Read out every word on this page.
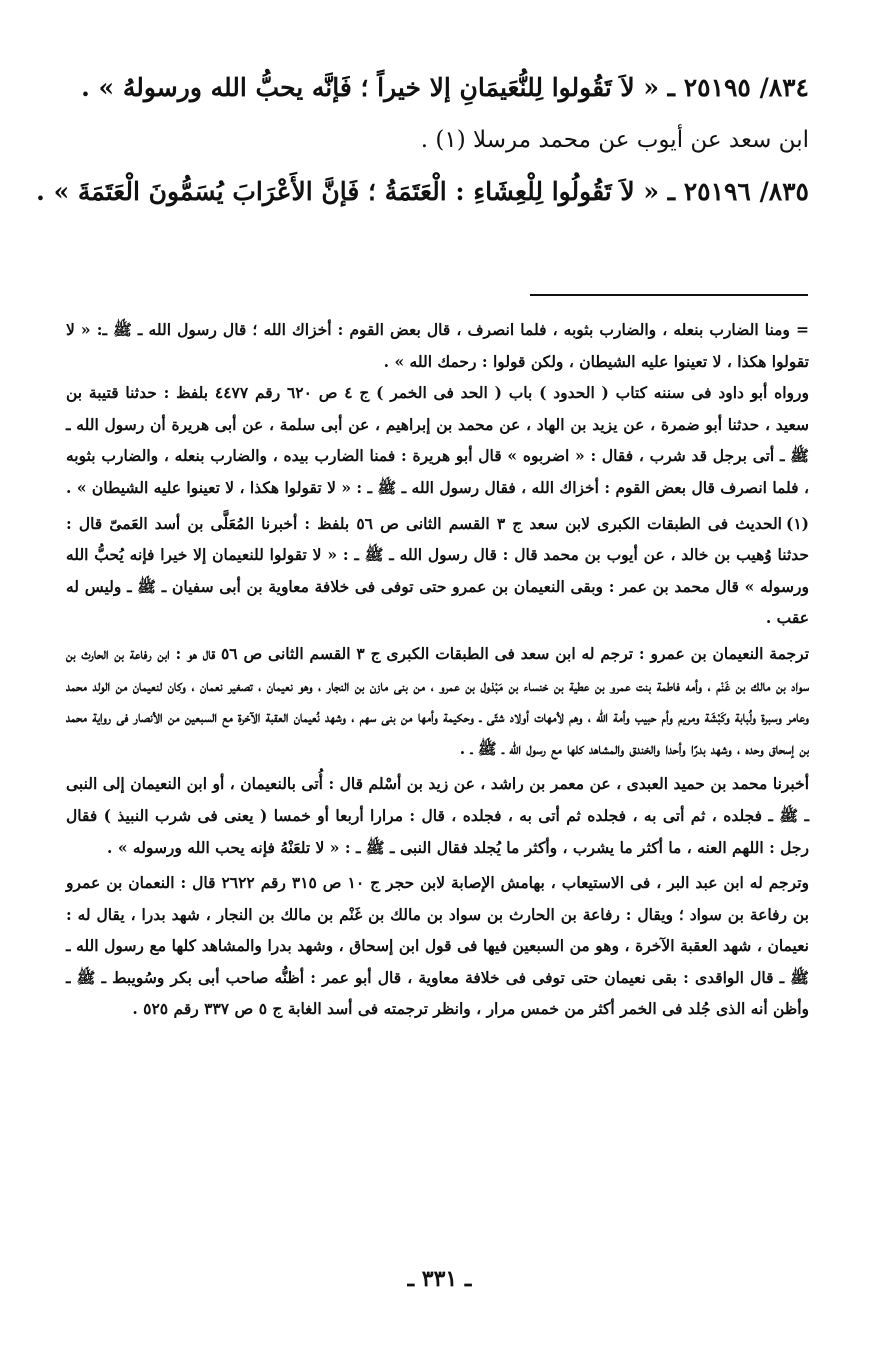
٨٣٤/ ٢٥١٩٥ ـ « لاَ تَقُولوا لِلنُّعَيمَانِ إلا خيراً ؛ فَإنَّه يحبُّ الله ورسولهُ » .

ابن سعد عن أيوب عن محمد مرسلا (١) .

٨٣٥/ ٢٥١٩٦ ـ « لاَ تَقُولُوا لِلْعِشَاءِ : الْعَتَمَةُ ؛ فَإنَّ الأَعْرَابَ يُسَمُّونَ الْعَتَمَةَ » .

= ومنا الضارب بنعله ، والضارب بثوبه ، فلما انصرف ، قال بعض القوم : أخزاك الله ؛ قال رسول الله ـ ﷺ ـ: « لا تقولوا هكذا ، لا تعينوا عليه الشيطان ، ولكن قولوا : رحمك الله » .

ورواه أبو داود فى سننه كتاب ( الحدود ) باب ( الحد فى الخمر ) ج ٤ ص ٦٢٠ رقم ٤٤٧٧ بلفظ : حدثنا قتيبة بن سعيد ، حدثنا أبو ضمرة ، عن يزيد بن الهاد ، عن محمد بن إبراهيم ، عن أبى سلمة ، عن أبى هريرة أن رسول الله ـ ﷺ ـ أتى برجل قد شرب ، فقال : « اضربوه » قال أبو هريرة : فمنا الضارب بيده ، والضارب بنعله ، والضارب بثوبه ، فلما انصرف قال بعض القوم : أخزاك الله ، فقال رسول الله ـ ﷺ ـ : « لا تقولوا هكذا ، لا تعينوا عليه الشيطان » .

(١)الحديث فى الطبقات الكبرى لابن سعد ج ٣ القسم الثانى ص ٥٦ بلفظ : أخبرنا المُعَلَّى بن أسد العَمىّ قال : حدثنا وُهيب بن خالد ، عن أيوب بن محمد قال : قال رسول الله ـ ﷺ ـ : « لا تقولوا للنعيمان إلا خيرا فإنه يُحبُّ الله ورسوله » قال محمد بن عمر : وبقى النعيمان بن عمرو حتى توفى فى خلافة معاوية بن أبى سفيان ـ ﷺ ـ وليس له عقب .

ترجمة النعيمان بن عمرو : ترجم له ابن سعد فى الطبقات الكبرى ج ٣ القسم الثانى ص ٥٦ قال هو : ابن رفاعة بن الحارث بن سواد بن مالك بن غَنْم ، وأمه فاطمة بنت عمرو بن عطية بن خنساء بن مَبْذول بن عمرو ، من بنى مازن بن النجار ، وهو نعيمان ، تصغير نعمان ، وكان لنعيمان من الولد محمد وعامر وسبرة ولُبابة وكَبْشَة ومريم وأم حبيب وأمة الله ، وهم لأمهات أولاد شتّى ـ وحكيمة وأمها من بنى سهم ، وشهد نُعيمان العقبة الآخرة مع السبعين من الأنصار فى رواية محمد بن إسحاق وحده ، وشهد بدرًا وأحدا والخندق والمشاهد كلها مع رسول الله ـ ﷺ ـ .

أخبرنا محمد بن حميد العبدى ، عن معمر بن راشد ، عن زيد بن أسْلم قال : أُتى بالنعيمان ، أو ابن النعيمان إلى النبى ـ ﷺ ـ فجلده ، ثم أتى به ، فجلده ثم أتى به ، فجلده ، قال : مرارا أربعا أو خمسا ( يعنى فى شرب النبيذ ) فقال رجل : اللهم العنه ، ما أكثر ما يشرب ، وأكثر ما يُجلد فقال النبى ـ ﷺ ـ : « لا تلعَنْهُ فإنه يحب الله ورسوله » .

وترجم له ابن عبد البر ، فى الاستيعاب ، بهامش الإصابة لابن حجر ج ١٠ ص ٣١٥ رقم ٢٦٢٢ قال : النعمان بن عمرو بن رفاعة بن سواد ؛ ويقال : رفاعة بن الحارث بن سواد بن مالك بن غَنْم بن مالك بن النجار ، شهد بدرا ، يقال له : نعيمان ، شهد العقبة الآخرة ، وهو من السبعين فيها فى قول ابن إسحاق ، وشهد بدرا والمشاهد كلها مع رسول الله ـ ﷺ ـ قال الواقدى : بقى نعيمان حتى توفى فى خلافة معاوية ، قال أبو عمر : أظنُّه صاحب أبى بكر وسُويبط ـ ﷺ ـ وأظن أنه الذى جُلد فى الخمر أكثر من خمس مرار ، وانظر ترجمته فى أسد الغابة ج ٥ ص ٣٣٧ رقم ٥٢٥ .

ـ ٣٣١ ـ
